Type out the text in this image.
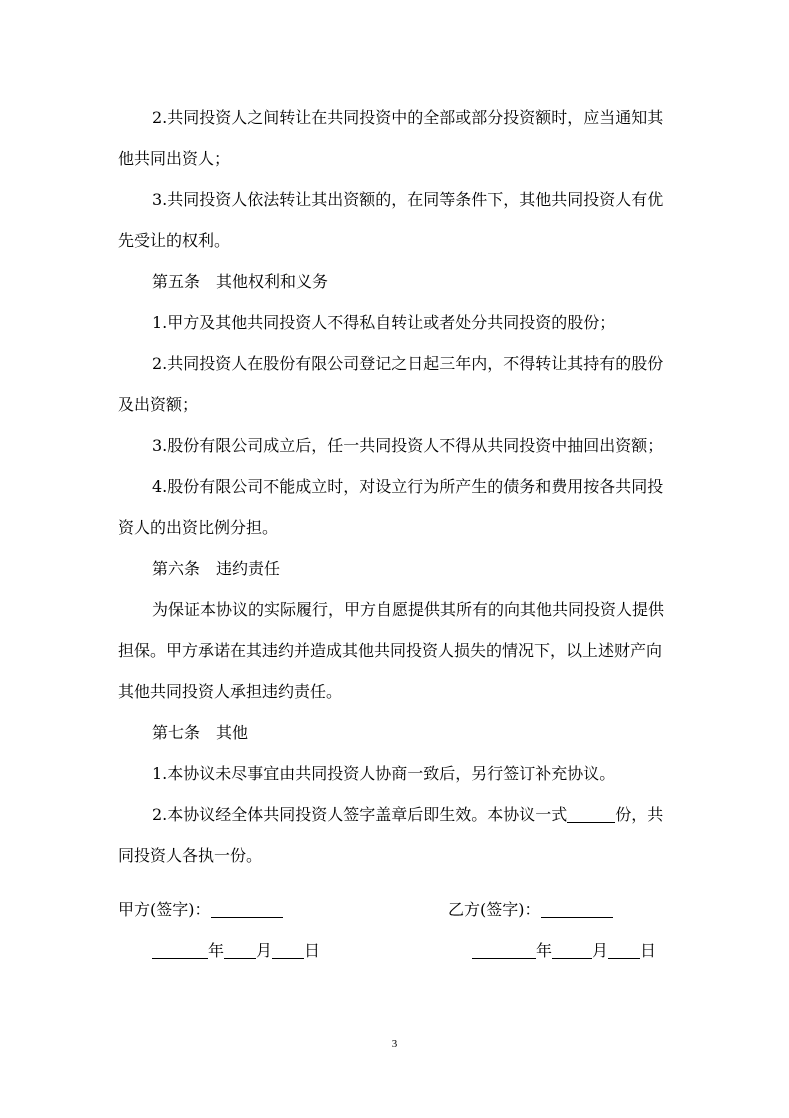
2.共同投资人之间转让在共同投资中的全部或部分投资额时，应当通知其他共同出资人；

3.共同投资人依法转让其出资额的，在同等条件下，其他共同投资人有优先受让的权利。

第五条　其他权利和义务

1.甲方及其他共同投资人不得私自转让或者处分共同投资的股份；

2.共同投资人在股份有限公司登记之日起三年内，不得转让其持有的股份及出资额；

3.股份有限公司成立后，任一共同投资人不得从共同投资中抽回出资额；

4.股份有限公司不能成立时，对设立行为所产生的债务和费用按各共同投资人的出资比例分担。

第六条　违约责任

为保证本协议的实际履行，甲方自愿提供其所有的向其他共同投资人提供担保。甲方承诺在其违约并造成其他共同投资人损失的情况下，以上述财产向其他共同投资人承担违约责任。

第七条　其他

1.本协议未尽事宜由共同投资人协商一致后，另行签订补充协议。

2.本协议经全体共同投资人签字盖章后即生效。本协议一式	份，共同投资人各执一份。

甲方(签字)：	乙方(签字)：
年 月 日	年	月 日
3
